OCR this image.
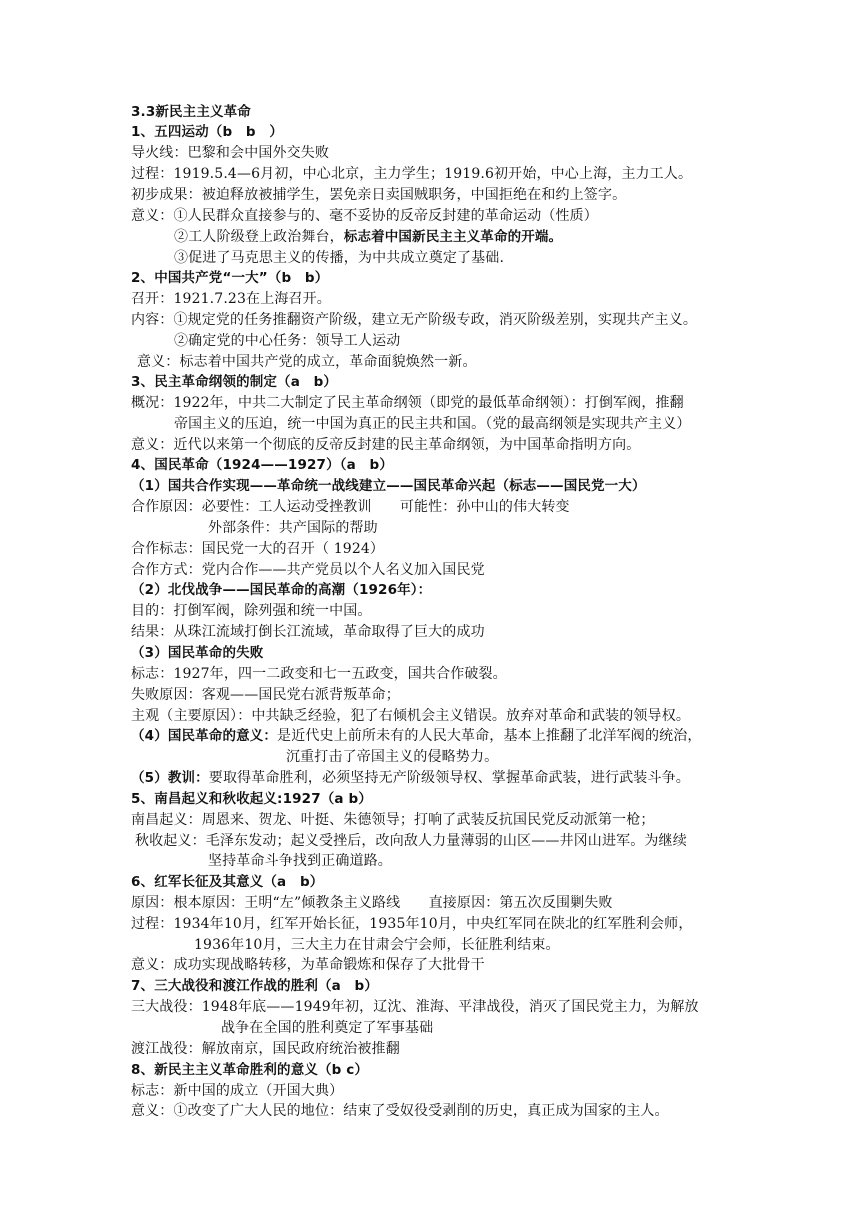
3.3新民主主义革命
1、五四运动（b　b　）
导火线：巴黎和会中国外交失败
过程：1919.5.4—6月初，中心北京，主力学生；1919.6初开始，中心上海，主力工人。
初步成果：被迫释放被捕学生，罢免亲日卖国贼职务，中国拒绝在和约上签字。
意义：①人民群众直接参与的、毫不妥协的反帝反封建的革命运动（性质）
②工人阶级登上政治舞台，标志着中国新民主主义革命的开端。
③促进了马克思主义的传播，为中共成立奠定了基础.
2、中国共产党“一大”（b　b）
召开：1921.7.23在上海召开。
内容：①规定党的任务推翻资产阶级，建立无产阶级专政，消灭阶级差别，实现共产主义。
②确定党的中心任务：领导工人运动
意义：标志着中国共产党的成立，革命面貌焕然一新。
3、民主革命纲领的制定（a　b）
概况：1922年，中共二大制定了民主革命纲领（即党的最低革命纲领）：打倒军阀，推翻
帝国主义的压迫，统一中国为真正的民主共和国。（党的最高纲领是实现共产主义）
意义：近代以来第一个彻底的反帝反封建的民主革命纲领，为中国革命指明方向。
4、国民革命（1924——1927）（a　b）
（1）国共合作实现——革命统一战线建立——国民革命兴起（标志——国民党一大）
合作原因：必要性：工人运动受挫教训　　可能性：孙中山的伟大转变
外部条件：共产国际的帮助
合作标志：国民党一大的召开（ 1924）
合作方式：党内合作——共产党员以个人名义加入国民党
（2）北伐战争——国民革命的高潮（1926年）：
目的：打倒军阀，除列强和统一中国。
结果：从珠江流域打倒长江流域，革命取得了巨大的成功
（3）国民革命的失败
标志：1927年，四一二政变和七一五政变，国共合作破裂。
失败原因：客观——国民党右派背叛革命；
主观（主要原因）：中共缺乏经验，犯了右倾机会主义错误。放弃对革命和武装的领导权。
（4）国民革命的意义：是近代史上前所未有的人民大革命，基本上推翻了北洋军阀的统治，
沉重打击了帝国主义的侵略势力。
（5）教训：要取得革命胜利，必须坚持无产阶级领导权、掌握革命武装，进行武装斗争。
5、南昌起义和秋收起义:1927（a b）
南昌起义：周恩来、贺龙、叶挺、朱德领导；打响了武装反抗国民党反动派第一枪；
秋收起义：毛泽东发动；起义受挫后，改向敌人力量薄弱的山区——井冈山进军。为继续
坚持革命斗争找到正确道路。
6、红军长征及其意义（a　b）
原因：根本原因：王明“左”倾教条主义路线　　直接原因：第五次反围剿失败
过程：1934年10月，红军开始长征，1935年10月，中央红军同在陕北的红军胜利会师，
1936年10月，三大主力在甘肃会宁会师，长征胜利结束。
意义：成功实现战略转移，为革命锻炼和保存了大批骨干
7、三大战役和渡江作战的胜利（a　b）
三大战役：1948年底——1949年初，辽沈、淮海、平津战役，消灭了国民党主力，为解放
战争在全国的胜利奠定了军事基础
渡江战役：解放南京，国民政府统治被推翻
8、新民主主义革命胜利的意义（b c）
标志：新中国的成立（开国大典）
意义：①改变了广大人民的地位：结束了受奴役受剥削的历史，真正成为国家的主人。
